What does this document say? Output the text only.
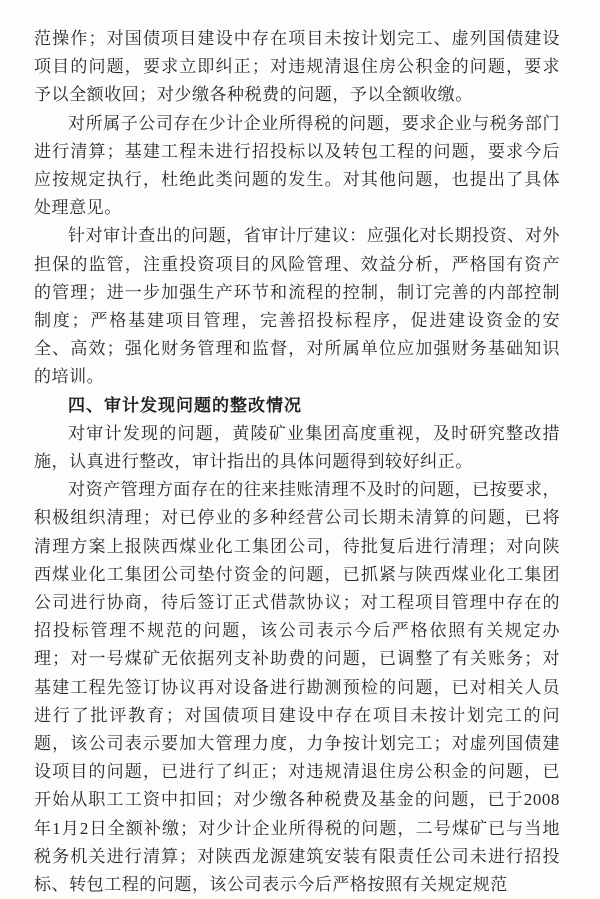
范操作；对国债项目建设中存在项目未按计划完工、虚列国债建设项目的问题，要求立即纠正；对违规清退住房公积金的问题，要求予以全额收回；对少缴各种税费的问题，予以全额收缴。

对所属子公司存在少计企业所得税的问题，要求企业与税务部门进行清算；基建工程未进行招投标以及转包工程的问题，要求今后应按规定执行，杜绝此类问题的发生。对其他问题，也提出了具体处理意见。

针对审计查出的问题，省审计厅建议：应强化对长期投资、对外担保的监管，注重投资项目的风险管理、效益分析，严格国有资产的管理；进一步加强生产环节和流程的控制，制订完善的内部控制制度；严格基建项目管理，完善招投标程序，促进建设资金的安全、高效；强化财务管理和监督，对所属单位应加强财务基础知识的培训。

四、审计发现问题的整改情况

对审计发现的问题，黄陵矿业集团高度重视，及时研究整改措施，认真进行整改，审计指出的具体问题得到较好纠正。

对资产管理方面存在的往来挂账清理不及时的问题，已按要求，积极组织清理；对已停业的多种经营公司长期未清算的问题，已将清理方案上报陕西煤业化工集团公司，待批复后进行清理；对向陕西煤业化工集团公司垫付资金的问题，已抓紧与陕西煤业化工集团公司进行协商，待后签订正式借款协议；对工程项目管理中存在的招投标管理不规范的问题，该公司表示今后严格依照有关规定办理；对一号煤矿无依据列支补助费的问题，已调整了有关账务；对基建工程先签订协议再对设备进行勘测预检的问题，已对相关人员进行了批评教育；对国债项目建设中存在项目未按计划完工的问题，该公司表示要加大管理力度，力争按计划完工；对虚列国债建设项目的问题，已进行了纠正；对违规清退住房公积金的问题，已开始从职工工资中扣回；对少缴各种税费及基金的问题，已于2008年1月2日全额补缴；对少计企业所得税的问题，二号煤矿已与当地税务机关进行清算；对陕西龙源建筑安装有限责任公司未进行招投标、转包工程的问题，该公司表示今后严格按照有关规定规范
